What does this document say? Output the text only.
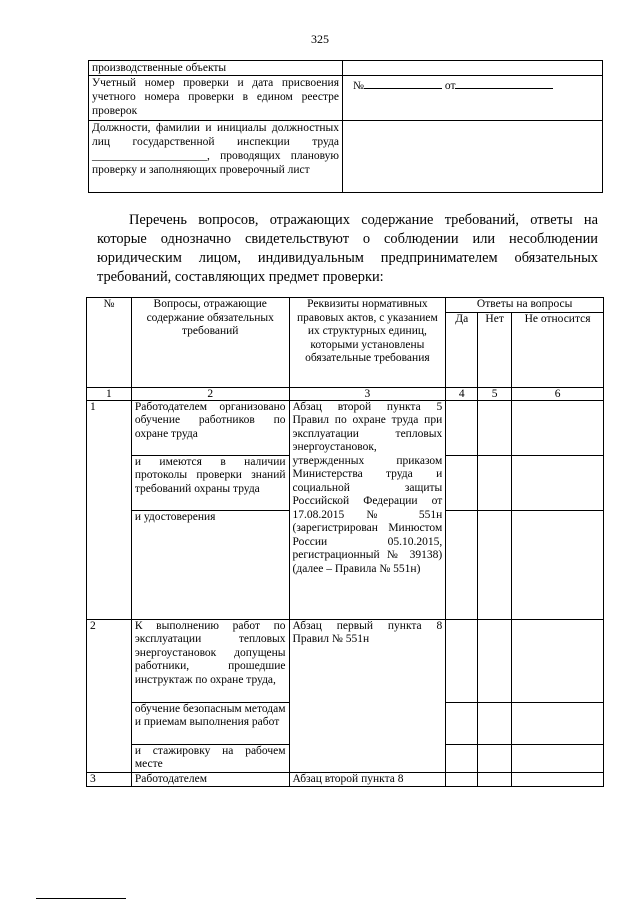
325
производственные объекты	
Учетный номер проверки и дата присвоения учетного номера проверки в едином реестре проверок	№ от
Должности, фамилии и инициалы должностных лиц государственной инспекции труда ____________________, проводящих плановую проверку и заполняющих проверочный лист	

Перечень вопросов, отражающих содержание требований, ответы на которые однозначно свидетельствуют о соблюдении или несоблюдении юридическим лицом, индивидуальным предпринимателем обязательных требований, составляющих предмет проверки:

№	Вопросы, отражающие содержание обязательных требований	Реквизиты нормативных правовых актов, с указанием их структурных единиц, которыми установлены обязательные требования	Ответы на вопросы		
			Да	Нет	Не относится
1	2	3	4	5	6
1	Работодателем организовано обучение работников по охране труда	Абзац второй пункта 5 Правил по охране труда при эксплуатации тепловых энергоустановок, утвержденных приказом Министерства труда и социальной защиты Российской Федерации от 17.08.2015 № 551н (зарегистрирован Минюстом России 05.10.2015, регистрационный № 39138) (далее – Правила № 551н)			
	и имеются в наличии протоколы проверки знаний требований охраны труда				
	и удостоверения				
2	К выполнению работ по эксплуатации тепловых энергоустановок допущены работники, прошедшие инструктаж по охране труда,	Абзац первый пункта 8 Правил № 551н			
	обучение безопасным методам и приемам выполнения работ				
	и стажировку на рабочем месте				
3	Работодателем	Абзац второй пункта 8			
